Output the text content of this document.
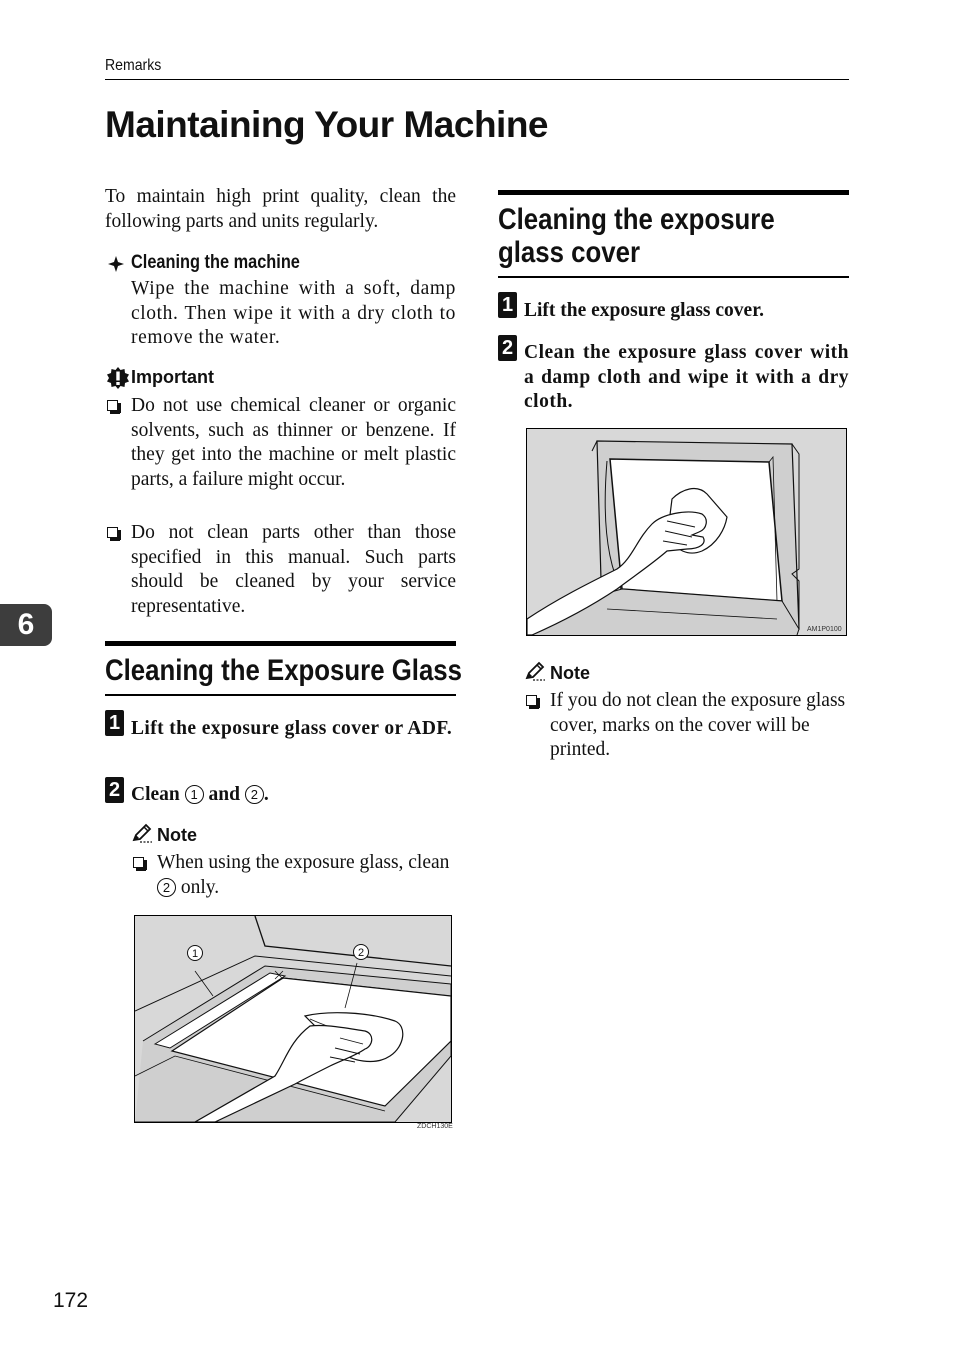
Remarks
Maintaining Your Machine
6
To maintain high print quality, clean the following parts and units regularly.
Cleaning the machine
Wipe the machine with a soft, damp cloth. Then wipe it with a dry cloth to remove the water.
Important
Do not use chemical cleaner or organic solvents, such as thinner or benzene. If they get into the machine or melt plastic parts, a failure might occur.
Do not clean parts other than those specified in this manual. Such parts should be cleaned by your service representative.
Cleaning the Exposure Glass
1 Lift the exposure glass cover or ADF.
2 Clean 1 and 2 .
Note
When using the exposure glass, clean 2 only.
1	2
ZDCH130E
Cleaning the exposure glass cover
1 Lift the exposure glass cover.
2 Clean the exposure glass cover with a damp cloth and wipe it with a dry cloth.
AM1P0100
Note
If you do not clean the exposure glass cover, marks on the cover will be printed.
172
